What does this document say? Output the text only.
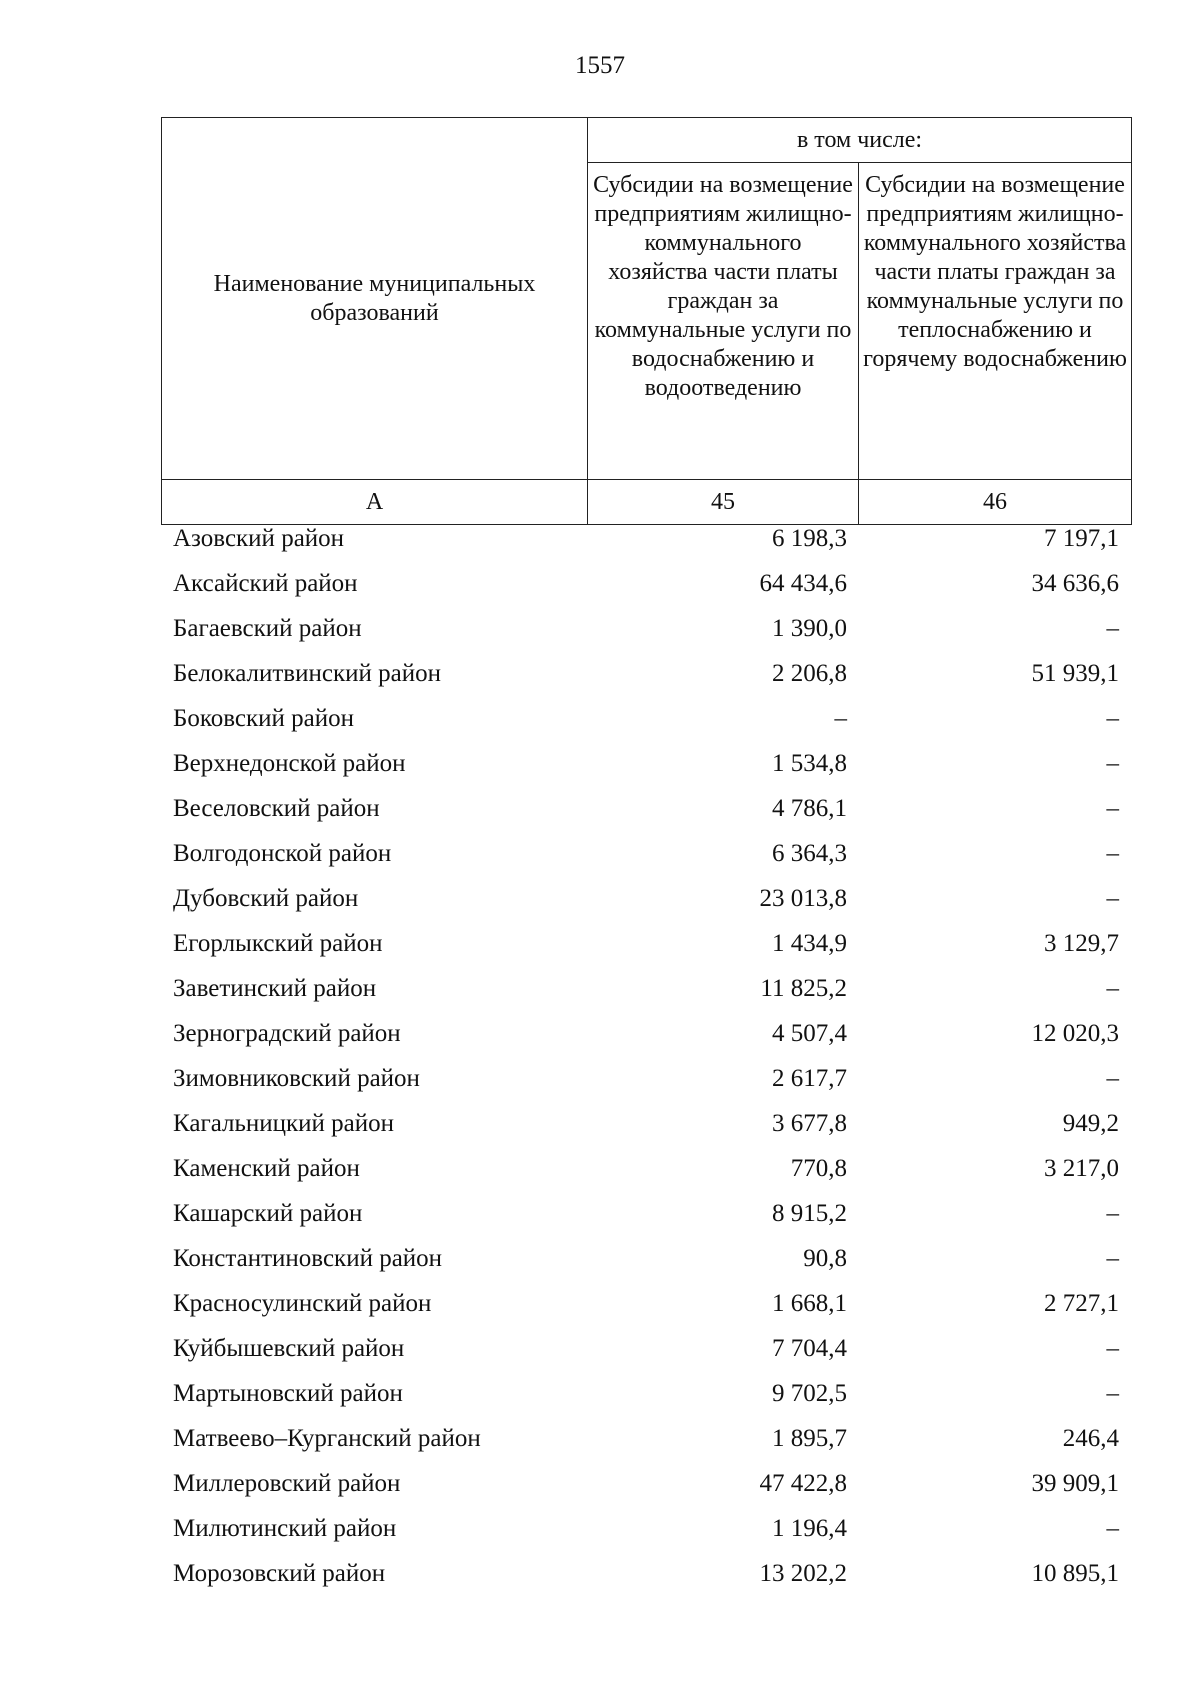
1557
Наименование муниципальных образований	в том числе:	
	Субсидии на возмещение предприятиям жилищно-коммунального хозяйства части платы граждан за коммунальные услуги по водоснабжению и водоотведению	Субсидии на возмещение предприятиям жилищно-коммунального хозяйства части платы граждан за коммунальные услуги по теплоснабжению и горячему водоснабжению
А	45	46
Азовский район	6 198,3	7 197,1
Аксайский район	64 434,6	34 636,6
Багаевский район	1 390,0	–
Белокалитвинский район	2 206,8	51 939,1
Боковский район	–	–
Верхнедонской район	1 534,8	–
Веселовский район	4 786,1	–
Волгодонской район	6 364,3	–
Дубовский район	23 013,8	–
Егорлыкский район	1 434,9	3 129,7
Заветинский район	11 825,2	–
Зерноградский район	4 507,4	12 020,3
Зимовниковский район	2 617,7	–
Кагальницкий район	3 677,8	949,2
Каменский район	770,8	3 217,0
Кашарский район	8 915,2	–
Константиновский район	90,8	–
Красносулинский район	1 668,1	2 727,1
Куйбышевский район	7 704,4	–
Мартыновский район	9 702,5	–
Матвеево–Курганский район	1 895,7	246,4
Миллеровский район	47 422,8	39 909,1
Милютинский район	1 196,4	–
Морозовский район	13 202,2	10 895,1
